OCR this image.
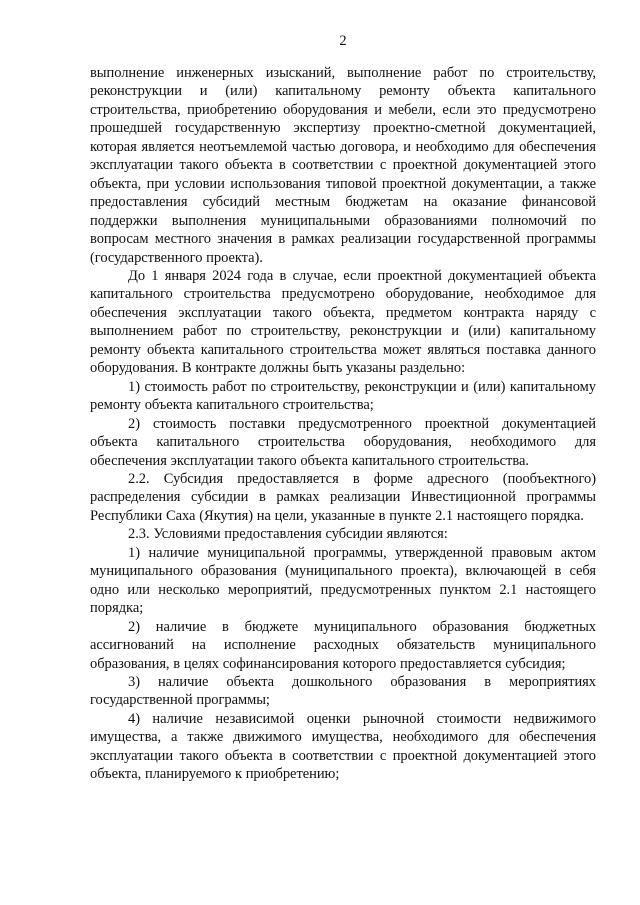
2

выполнение инженерных изысканий, выполнение работ по строительству, реконструкции и (или) капитальному ремонту объекта капитального строительства, приобретению оборудования и мебели, если это предусмотрено прошедшей государственную экспертизу проектно-сметной документацией, которая является неотъемлемой частью договора, и необходимо для обеспечения эксплуатации такого объекта в соответствии с проектной документацией этого объекта, при условии использования типовой проектной документации, а также предоставления субсидий местным бюджетам на оказание финансовой поддержки выполнения муниципальными образованиями полномочий по вопросам местного значения в рамках реализации государственной программы (государственного проекта).

До 1 января 2024 года в случае, если проектной документацией объекта капитального строительства предусмотрено оборудование, необходимое для обеспечения эксплуатации такого объекта, предметом контракта наряду с выполнением работ по строительству, реконструкции и (или) капитальному ремонту объекта капитального строительства может являться поставка данного оборудования. В контракте должны быть указаны раздельно:

1) стоимость работ по строительству, реконструкции и (или) капитальному ремонту объекта капитального строительства;

2) стоимость поставки предусмотренного проектной документацией объекта капитального строительства оборудования, необходимого для обеспечения эксплуатации такого объекта капитального строительства.

2.2. Субсидия предоставляется в форме адресного (пообъектного) распределения субсидии в рамках реализации Инвестиционной программы Республики Саха (Якутия) на цели, указанные в пункте 2.1 настоящего порядка.

2.3. Условиями предоставления субсидии являются:

1) наличие муниципальной программы, утвержденной правовым актом муниципального образования (муниципального проекта), включающей в себя одно или несколько мероприятий, предусмотренных пунктом 2.1 настоящего порядка;

2) наличие в бюджете муниципального образования бюджетных ассигнований на исполнение расходных обязательств муниципального образования, в целях софинансирования которого предоставляется субсидия;

3) наличие объекта дошкольного образования в мероприятиях государственной программы;

4) наличие независимой оценки рыночной стоимости недвижимого имущества, а также движимого имущества, необходимого для обеспечения эксплуатации такого объекта в соответствии с проектной документацией этого объекта, планируемого к приобретению;
